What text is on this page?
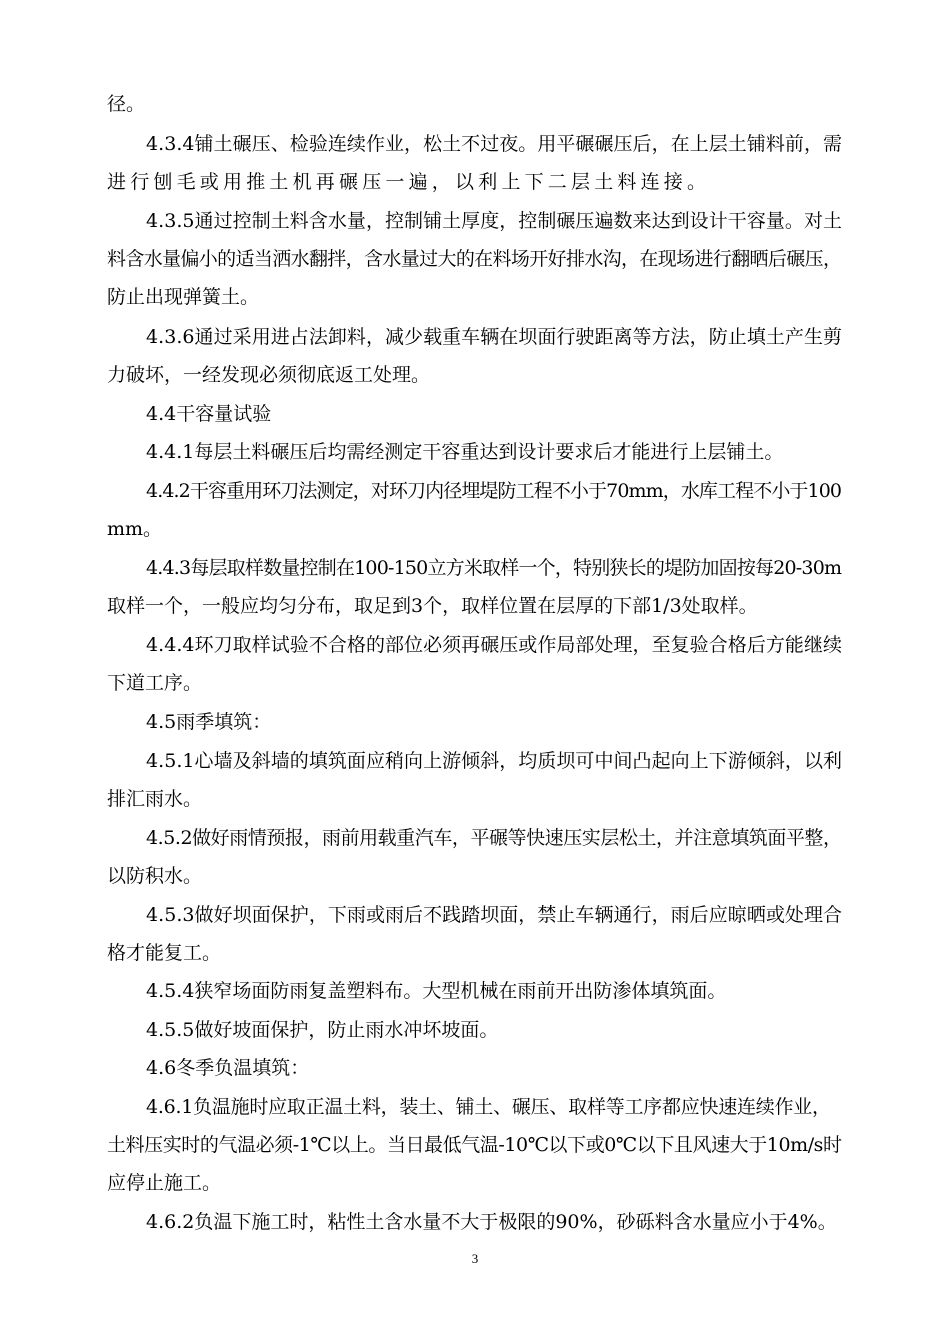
径。
4.3.4铺土碾压、检验连续作业，松土不过夜。用平碾碾压后，在上层土铺料前，需
进行刨毛或用推土机再碾压一遍，以利上下二层土料连接。
4.3.5通过控制土料含水量，控制铺土厚度，控制碾压遍数来达到设计干容量。对土
料含水量偏小的适当洒水翻拌，含水量过大的在料场开好排水沟，在现场进行翻晒后碾压，
防止出现弹簧土。
4.3.6通过采用进占法卸料，减少载重车辆在坝面行驶距离等方法，防止填土产生剪
力破坏，一经发现必须彻底返工处理。
4.4干容量试验
4.4.1每层土料碾压后均需经测定干容重达到设计要求后才能进行上层铺土。
4.4.2干容重用环刀法测定，对环刀内径埋堤防工程不小于70mm，水库工程不小于100
mm。
4.4.3每层取样数量控制在100-150立方米取样一个，特别狭长的堤防加固按每20-30m
取样一个，一般应均匀分布，取足到3个，取样位置在层厚的下部1/3处取样。
4.4.4环刀取样试验不合格的部位必须再碾压或作局部处理，至复验合格后方能继续
下道工序。
4.5雨季填筑：
4.5.1心墙及斜墙的填筑面应稍向上游倾斜，均质坝可中间凸起向上下游倾斜，以利
排汇雨水。
4.5.2做好雨情预报，雨前用载重汽车，平碾等快速压实层松土，并注意填筑面平整，
以防积水。
4.5.3做好坝面保护，下雨或雨后不践踏坝面，禁止车辆通行，雨后应晾晒或处理合
格才能复工。
4.5.4狭窄场面防雨复盖塑料布。大型机械在雨前开出防渗体填筑面。
4.5.5做好坡面保护，防止雨水冲坏坡面。
4.6冬季负温填筑：
4.6.1负温施时应取正温土料，装土、铺土、碾压、取样等工序都应快速连续作业，
土料压实时的气温必须-1℃以上。当日最低气温-10℃以下或0℃以下且风速大于10m/s时
应停止施工。
4.6.2负温下施工时，粘性土含水量不大于极限的90%，砂砾料含水量应小于4%。
3
